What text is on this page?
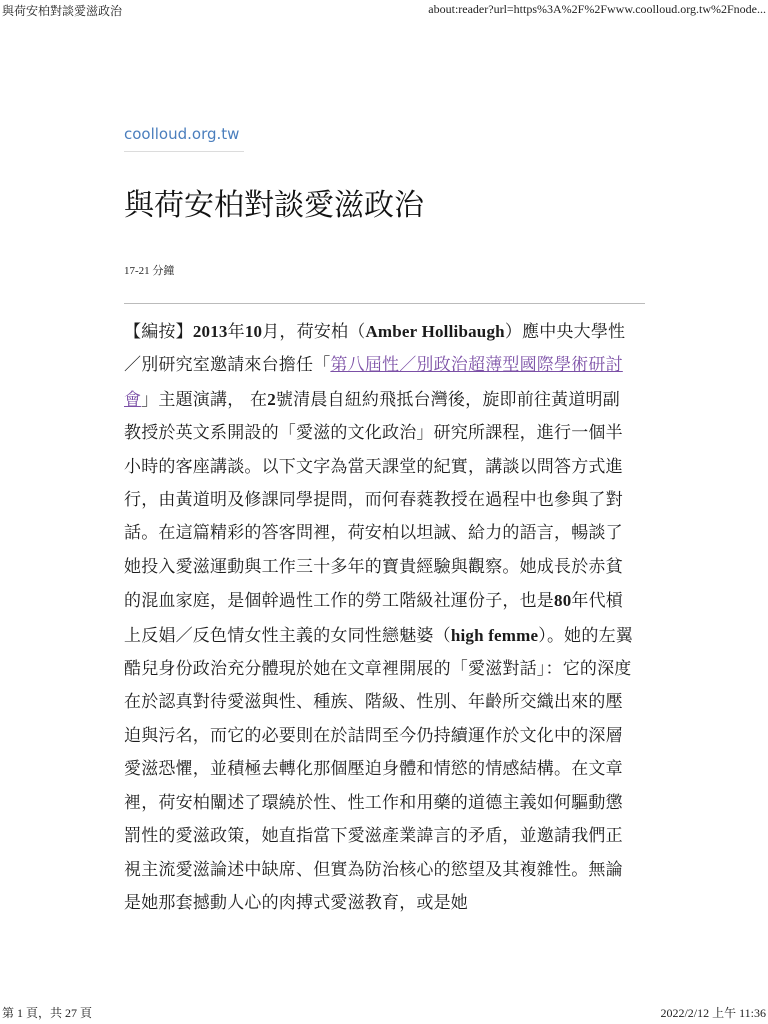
與荷安柏對談愛滋政治	about:reader?url=https%3A%2F%2Fwww.coolloud.org.tw%2Fnode...
coolloud.org.tw
與荷安柏對談愛滋政治
17-21 分鐘

【編按】2013年10月，荷安柏（Amber Hollibaugh）應中央大學性／別研究室邀請來台擔任「第八屆性／別政治超薄型國際學術研討會」主題演講， 在2號清晨自紐約飛抵台灣後，旋即前往黃道明副教授於英文系開設的「愛滋的文化政治」研究所課程，進行一個半小時的客座講談。以下文字為當天課堂的紀實，講談以問答方式進行，由黃道明及修課同學提問，而何春蕤教授在過程中也參與了對話。在這篇精彩的答客問裡，荷安柏以坦誠、給力的語言，暢談了她投入愛滋運動與工作三十多年的寶貴經驗與觀察。她成長於赤貧的混血家庭，是個幹過性工作的勞工階級社運份子，也是80年代槓上反娼／反色情女性主義的女同性戀魅婆（high femme）。她的左翼酷兒身份政治充分體現於她在文章裡開展的「愛滋對話」：它的深度在於認真對待愛滋與性、種族、階級、性別、年齡所交織出來的壓迫與污名，而它的必要則在於詰問至今仍持續運作於文化中的深層愛滋恐懼，並積極去轉化那個壓迫身體和情慾的情感結構。在文章裡，荷安柏闡述了環繞於性、性工作和用藥的道德主義如何驅動懲罰性的愛滋政策，她直指當下愛滋產業諱言的矛盾，並邀請我們正視主流愛滋論述中缺席、但實為防治核心的慾望及其複雜性。無論是她那套撼動人心的肉搏式愛滋教育，或是她

第 1 頁，共 27 頁	2022/2/12 上午 11:36
